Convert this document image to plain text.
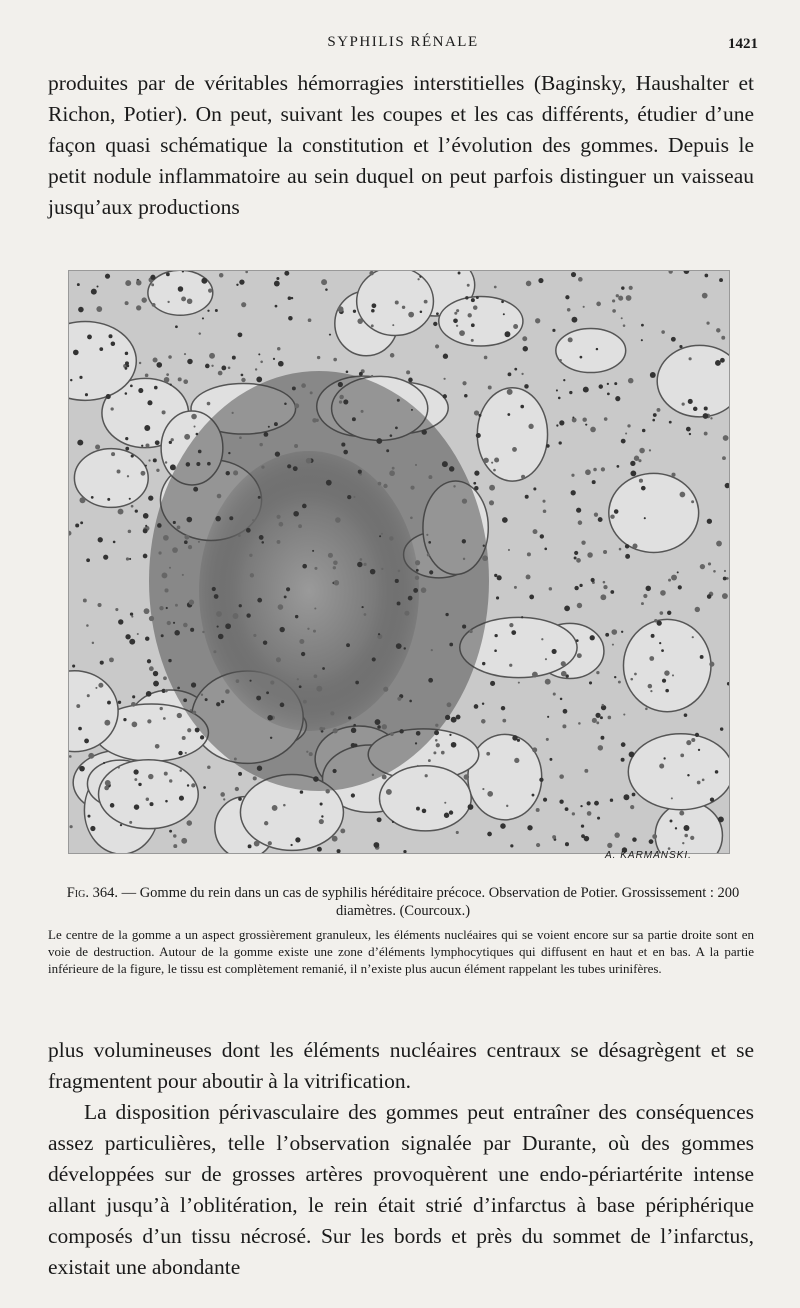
SYPHILIS RÉNALE	1421

produites par de véritables hémorragies interstitielles (Baginsky, Haushalter et Richon, Potier). On peut, suivant les coupes et les cas différents, étudier d’une façon quasi schématique la constitution et l’évolution des gommes. Depuis le petit nodule inflammatoire au sein duquel on peut parfois distinguer un vaisseau jusqu’aux productions

A. KARMANSKI.

Fig. 364. — Gomme du rein dans un cas de syphilis héréditaire précoce. Observation de Potier. Grossissement : 200 diamètres. (Courcoux.)

Le centre de la gomme a un aspect grossièrement granuleux, les éléments nucléaires qui se voient encore sur sa partie droite sont en voie de destruction. Autour de la gomme existe une zone d’éléments lymphocytiques qui diffusent en haut et en bas. A la partie inférieure de la figure, le tissu est complètement remanié, il n’existe plus aucun élément rappelant les tubes urinifères.

plus volumineuses dont les éléments nucléaires centraux se désagrègent et se fragmentent pour aboutir à la vitrification.

La disposition périvasculaire des gommes peut entraîner des conséquences assez particulières, telle l’observation signalée par Durante, où des gommes développées sur de grosses artères provoquèrent une endo-périartérite intense allant jusqu’à l’oblitération, le rein était strié d’infarctus à base périphérique composés d’un tissu nécrosé. Sur les bords et près du sommet de l’infarctus, existait une abondante
